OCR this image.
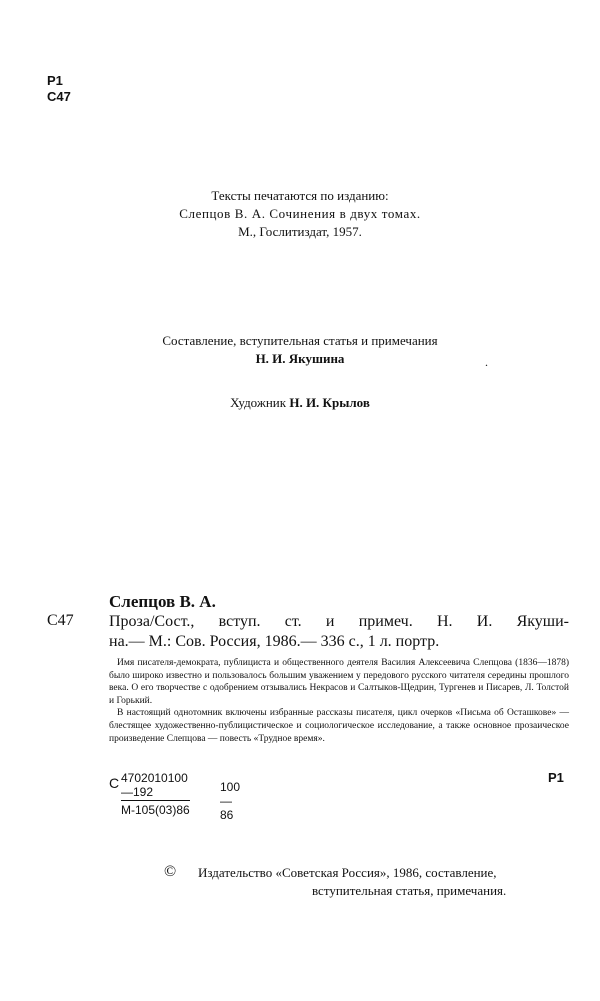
Р1
С47
Тексты печатаются по изданию:
Слепцов В. А. Сочинения в двух томах.
М., Гослитиздат, 1957.
Составление, вступительная статья и примечания
Н. И. Якушина	.
Художник Н. И. Крылов
Слепцов В. А.
С47 Проза/Сост., вступ. ст. и примеч. Н. И. Якуши-
на.— М.: Сов. Россия, 1986.— 336 с., 1 л. портр.

Имя писателя-демократа, публициста и общественного деятеля Василия Алексеевича Слепцова (1836—1878) было широко известно и пользовалось большим уважением у передового русского читателя середины прошлого века. О его творчестве с одобрением отзывались Некрасов и Салтыков-Щедрин, Тургенев и Писарев, Л. Толстой и Горький.

В настоящий однотомник включены избранные рассказы писателя, цикл очерков «Письма об Осташкове» — блестящее художественно-публицистическое и социологическое исследование, а также основное прозаическое произведение Слепцова — повесть «Трудное время».

С 4702010100—192
М-105(03)86
100—86
Р1
© Издательство «Советская Россия», 1986, составление,
вступительная статья, примечания.
